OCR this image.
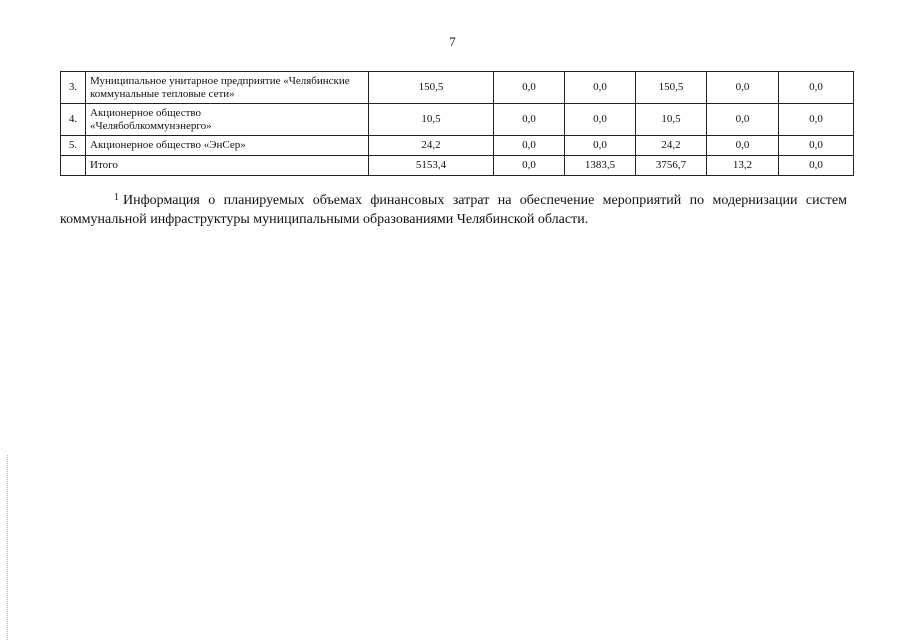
7
3.	Муниципальное унитарное предприятие «Челябинские коммунальные тепловые сети»	150,5	0,0	0,0	150,5	0,0	0,0
4.	Акционерное общество «Челябоблкоммунэнерго»	10,5	0,0	0,0	10,5	0,0	0,0
5.	Акционерное общество «ЭнСер»	24,2	0,0	0,0	24,2	0,0	0,0
	Итого	5153,4	0,0	1383,5	3756,7	13,2	0,0
$^1$ Информация о планируемых объемах финансовых затрат на обеспечение мероприятий по модернизации систем коммунальной инфраструктуры муниципальными образованиями Челябинской области.
